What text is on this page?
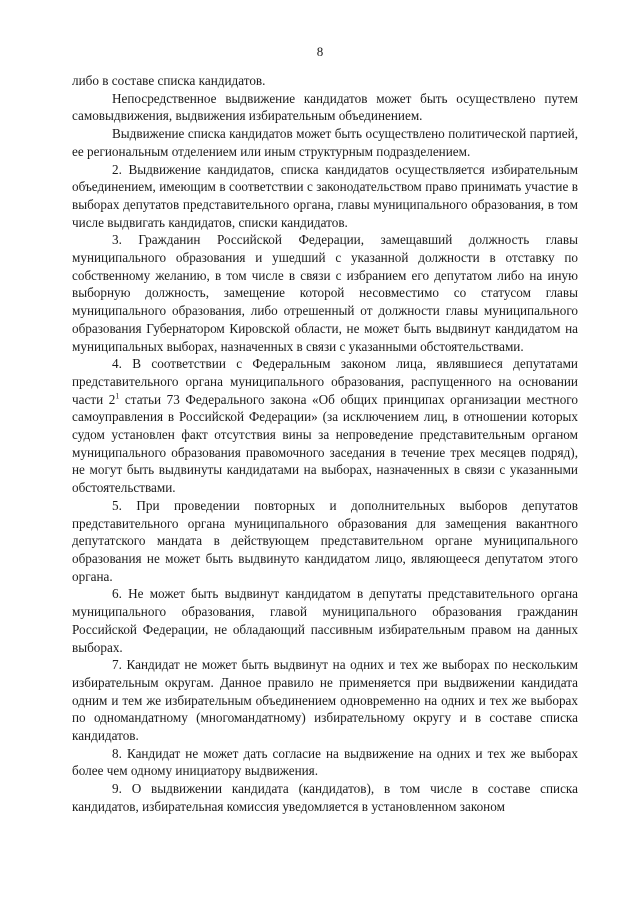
8

либо в составе списка кандидатов.

Непосредственное выдвижение кандидатов может быть осуществлено путем самовыдвижения, выдвижения избирательным объединением.

Выдвижение списка кандидатов может быть осуществлено политической партией, ее региональным отделением или иным структурным подразделением.

2. Выдвижение кандидатов, списка кандидатов осуществляется избирательным объединением, имеющим в соответствии с законодательством право принимать участие в выборах депутатов представительного органа, главы муниципального образования, в том числе выдвигать кандидатов, списки кандидатов.

3. Гражданин Российской Федерации, замещавший должность главы муниципального образования и ушедший с указанной должности в отставку по собственному желанию, в том числе в связи с избранием его депутатом либо на иную выборную должность, замещение которой несовместимо со статусом главы муниципального образования, либо отрешенный от должности главы муниципального образования Губернатором Кировской области, не может быть выдвинут кандидатом на муниципальных выборах, назначенных в связи с указанными обстоятельствами.

4. В соответствии с Федеральным законом лица, являвшиеся депутатами представительного органа муниципального образования, распущенного на основании части $2^1$ статьи 73 Федерального закона «Об общих принципах организации местного самоуправления в Российской Федерации» (за исключением лиц, в отношении которых судом установлен факт отсутствия вины за непроведение представительным органом муниципального образования правомочного заседания в течение трех месяцев подряд), не могут быть выдвинуты кандидатами на выборах, назначенных в связи с указанными обстоятельствами.

5. При проведении повторных и дополнительных выборов депутатов представительного органа муниципального образования для замещения вакантного депутатского мандата в действующем представительном органе муниципального образования не может быть выдвинуто кандидатом лицо, являющееся депутатом этого органа.

6. Не может быть выдвинут кандидатом в депутаты представительного органа муниципального образования, главой муниципального образования гражданин Российской Федерации, не обладающий пассивным избирательным правом на данных выборах.

7. Кандидат не может быть выдвинут на одних и тех же выборах по нескольким избирательным округам. Данное правило не применяется при выдвижении кандидата одним и тем же избирательным объединением одновременно на одних и тех же выборах по одномандатному (многомандатному) избирательному округу и в составе списка кандидатов.

8. Кандидат не может дать согласие на выдвижение на одних и тех же выборах более чем одному инициатору выдвижения.

9. О выдвижении кандидата (кандидатов), в том числе в составе списка кандидатов, избирательная комиссия уведомляется в установленном законом
